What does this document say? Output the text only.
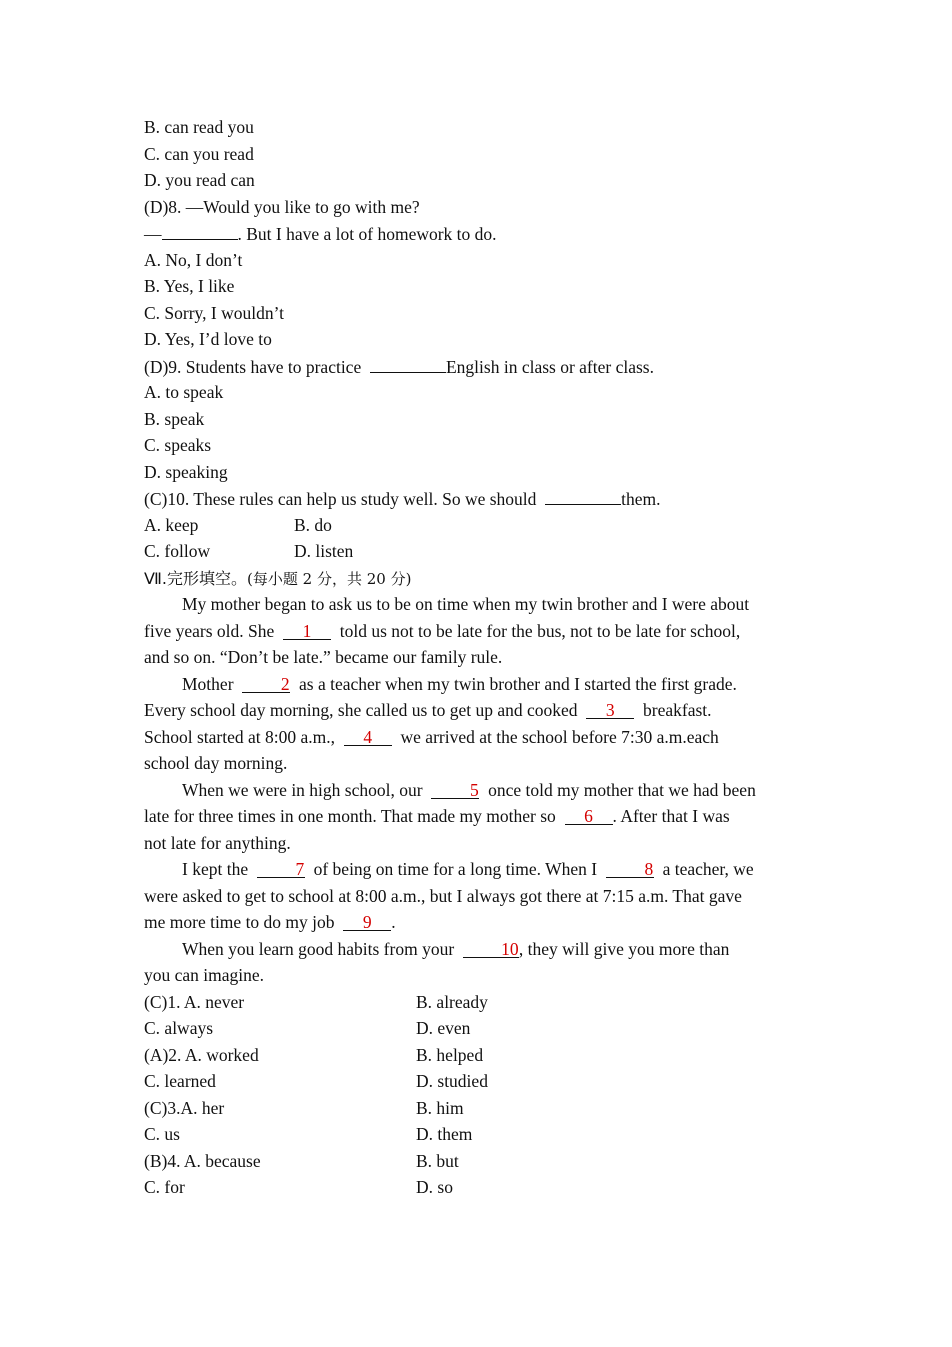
B. can read you
C. can you read
D. you read can
(D)8. —Would you like to go with me?
—	. But I have a lot of homework to do.
A. No, I don’t
B. Yes, I like
C. Sorry, I wouldn’t
D. Yes, I’d love to
(D)9. Students have to practice	English in class or after class.
A. to speak
B. speak
C. speaks
D. speaking
(C)10. These rules can help us study well. So we should	them.
A. keep	B. do
C. follow	D. listen
Ⅶ.完形填空。(每小题 2 分，共 20 分)
My mother began to ask us to be on time when my twin brother and I were about
five years old. She 1 told us not to be late for the bus, not to be late for school,
and so on. “Don’t be late.” became our family rule.
Mother	2 as a teacher when my twin brother and I started the first grade.
Every school day morning, she called us to get up and cooked 3 breakfast.
School started at 8:00 a.m., 4 we arrived at the school before 7:30 a.m.each
school day morning.
When we were in high school, our	5 once told my mother that we had been
late for three times in one month. That made my mother so 6 . After that I was
not late for anything.
I kept the	7 of being on time for a long time. When I	8 a teacher, we
were asked to get to school at 8:00 a.m., but I always got there at 7:15 a.m. That gave
me more time to do my job 9 .
When you learn good habits from your	10, they will give you more than
you can imagine.
(C)1. A. never	B. already
C. always	D. even
(A)2. A. worked	B. helped
C. learned	D. studied
(C)3.A. her	B. him
C. us	D. them
(B)4. A. because	B. but
C. for	D. so
